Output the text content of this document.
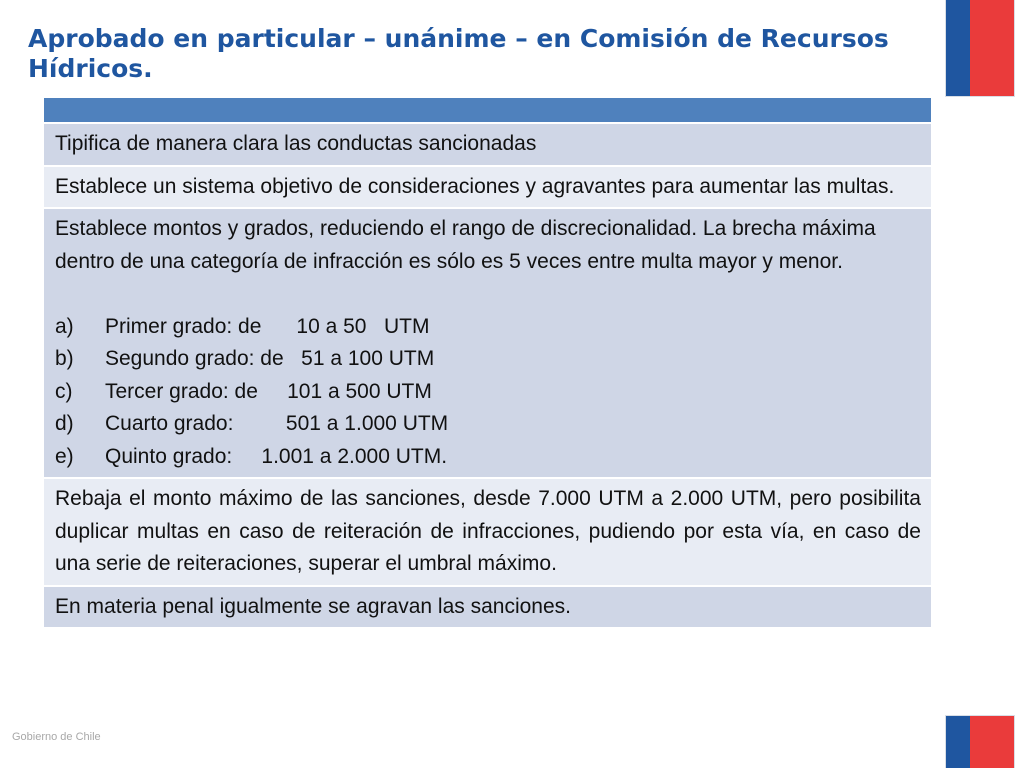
Aprobado en particular – unánime – en Comisión de Recursos Hídricos.

Tipifica de manera clara las conductas sancionadas
Establece un sistema objetivo de consideraciones y agravantes para aumentar las multas.

Establece montos y grados, reduciendo el rango de discrecionalidad. La brecha máxima dentro de una categoría de infracción es sólo es 5 veces entre multa mayor y menor.
a)	Primer grado: de      10 a 50   UTM
b)	Segundo grado: de   51 a 100 UTM
c)	Tercer grado: de     101 a 500 UTM
d)	Cuarto grado:         501 a 1.000 UTM
e)	Quinto grado:     1.001 a 2.000 UTM.

Rebaja el monto máximo de las sanciones, desde 7.000 UTM a 2.000 UTM, pero posibilita duplicar multas en caso de reiteración de infracciones, pudiendo por esta vía, en caso de una serie de reiteraciones, superar el umbral máximo.
En materia penal igualmente se agravan las sanciones.
Gobierno de Chile
